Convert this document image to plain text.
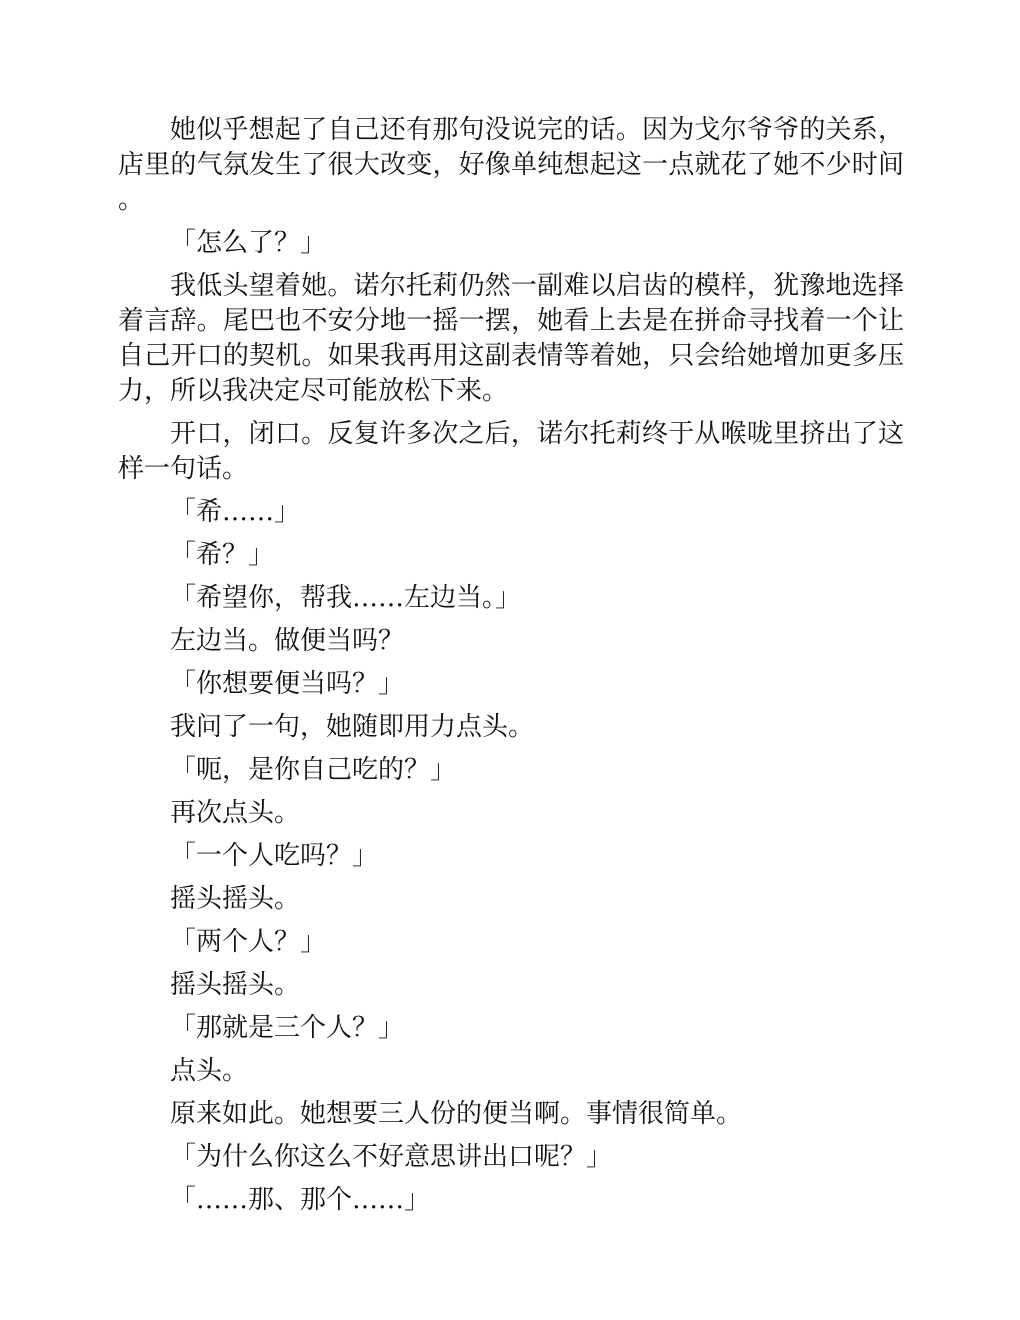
她似乎想起了自己还有那句没说完的话。因为戈尔爷爷的关系，店里的气氛发生了很大改变，好像单纯想起这一点就花了她不少时间。

「怎么了？」

我低头望着她。诺尔托莉仍然一副难以启齿的模样，犹豫地选择着言辞。尾巴也不安分地一摇一摆，她看上去是在拼命寻找着一个让自己开口的契机。如果我再用这副表情等着她，只会给她增加更多压力，所以我决定尽可能放松下来。

开口，闭口。反复许多次之后，诺尔托莉终于从喉咙里挤出了这样一句话。

「希……」

「希？」

「希望你，帮我……左边当。」

左边当。做便当吗？

「你想要便当吗？」

我问了一句，她随即用力点头。

「呃，是你自己吃的？」

再次点头。

「一个人吃吗？」

摇头摇头。

「两个人？」

摇头摇头。

「那就是三个人？」

点头。

原来如此。她想要三人份的便当啊。事情很简单。

「为什么你这么不好意思讲出口呢？」

「……那、那个……」
